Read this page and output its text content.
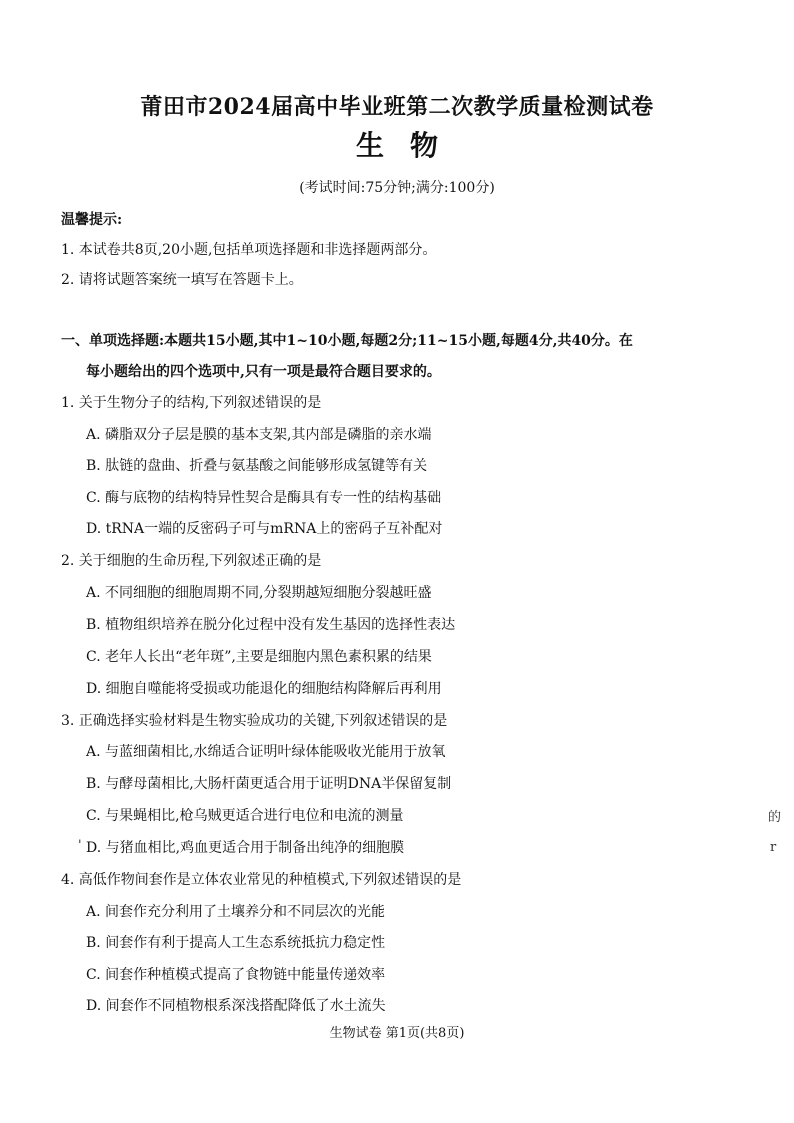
莆田市2024届高中毕业班第二次教学质量检测试卷
生物
(考试时间:75分钟;满分:100分)
温馨提示:
1. 本试卷共8页,20小题,包括单项选择题和非选择题两部分。
2. 请将试题答案统一填写在答题卡上。
一、单项选择题:本题共15小题,其中1~10小题,每题2分;11~15小题,每题4分,共40分。在
每小题给出的四个选项中,只有一项是最符合题目要求的。
1. 关于生物分子的结构,下列叙述错误的是
A. 磷脂双分子层是膜的基本支架,其内部是磷脂的亲水端
B. 肽链的盘曲、折叠与氨基酸之间能够形成氢键等有关
C. 酶与底物的结构特异性契合是酶具有专一性的结构基础
D. tRNA一端的反密码子可与mRNA上的密码子互补配对
2. 关于细胞的生命历程,下列叙述正确的是
A. 不同细胞的细胞周期不同,分裂期越短细胞分裂越旺盛
B. 植物组织培养在脱分化过程中没有发生基因的选择性表达
C. 老年人长出“老年斑”,主要是细胞内黑色素积累的结果
D. 细胞自噬能将受损或功能退化的细胞结构降解后再利用
3. 正确选择实验材料是生物实验成功的关键,下列叙述错误的是
A. 与蓝细菌相比,水绵适合证明叶绿体能吸收光能用于放氧
B. 与酵母菌相比,大肠杆菌更适合用于证明DNA半保留复制
C. 与果蝇相比,枪乌贼更适合进行电位和电流的测量
D. 与猪血相比,鸡血更适合用于制备出纯净的细胞膜
4. 高低作物间套作是立体农业常见的种植模式,下列叙述错误的是
A. 间套作充分利用了土壤养分和不同层次的光能
B. 间套作有利于提高人工生态系统抵抗力稳定性
C. 间套作种植模式提高了食物链中能量传递效率
D. 间套作不同植物根系深浅搭配降低了水土流失
的
'	r
生物试卷 第1页(共8页)
